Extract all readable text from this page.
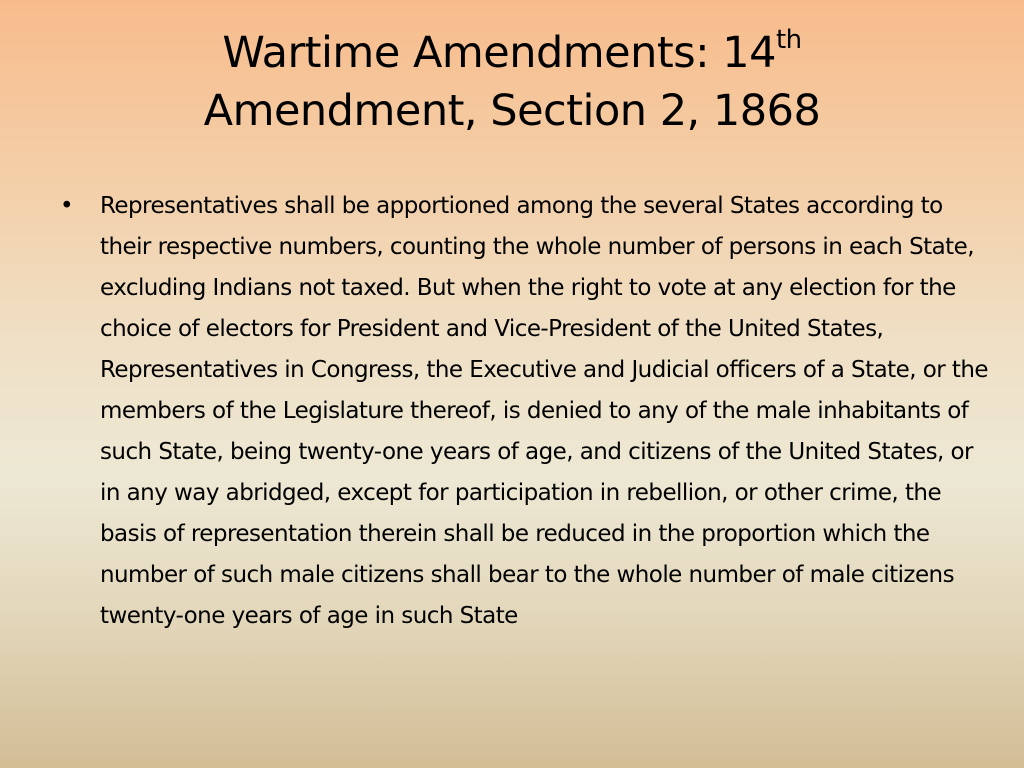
Wartime Amendments: 14th
Amendment, Section 2, 1868
• Representatives shall be apportioned among the several States according to their respective numbers, counting the whole number of persons in each State, excluding Indians not taxed. But when the right to vote at any election for the choice of electors for President and Vice-President of the United States, Representatives in Congress, the Executive and Judicial officers of a State, or the members of the Legislature thereof, is denied to any of the male inhabitants of such State, being twenty-one years of age, and citizens of the United States, or in any way abridged, except for participation in rebellion, or other crime, the basis of representation therein shall be reduced in the proportion which the number of such male citizens shall bear to the whole number of male citizens twenty-one years of age in such State
